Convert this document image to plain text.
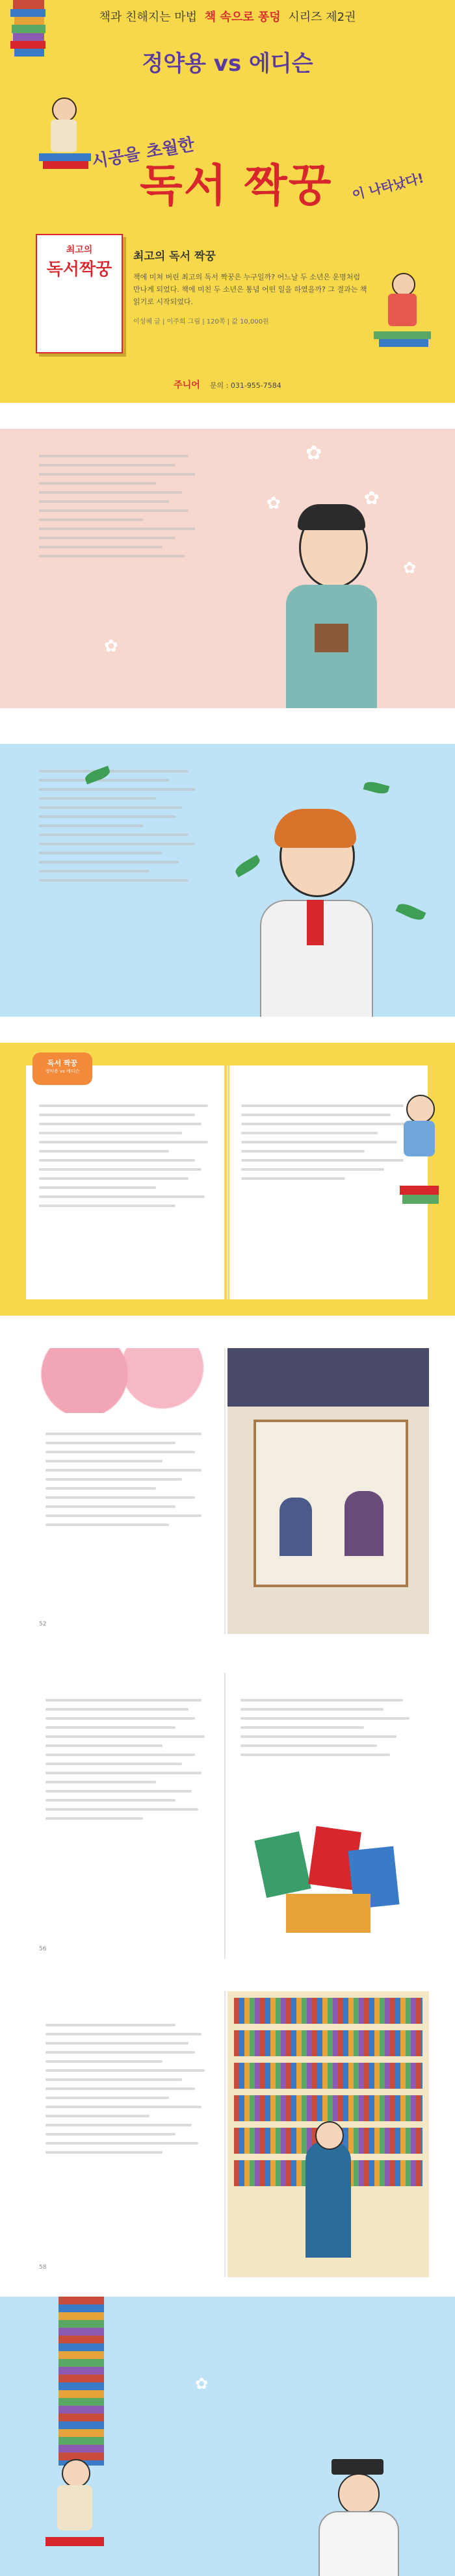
책과 친해지는 마법 책 속으로 퐁덩 시리즈 제2권
정약용 vs 에디슨
시공을 초월한
독서 짝꿍 이 나타났다!
최고의
독서짝꿍
최고의 독서 짝꿍
책에 미쳐 버린 최고의 독서 짝꿍은 누구일까? 어느날 두 소년은 운명처럼 만나게 되었다. 책에 미친 두 소년은 통념 어떤 일을 하였을까? 그 결과는 책 읽기로 시작되었다.
이성혜 글 | 이주희 그림 | 120쪽 | 값 10,000원
주니어 문의 : 031-955-7584
✿
✿	✿
✿
✿
독서 짝꿍
정약용 vs 에디슨
52
56
58
✿
